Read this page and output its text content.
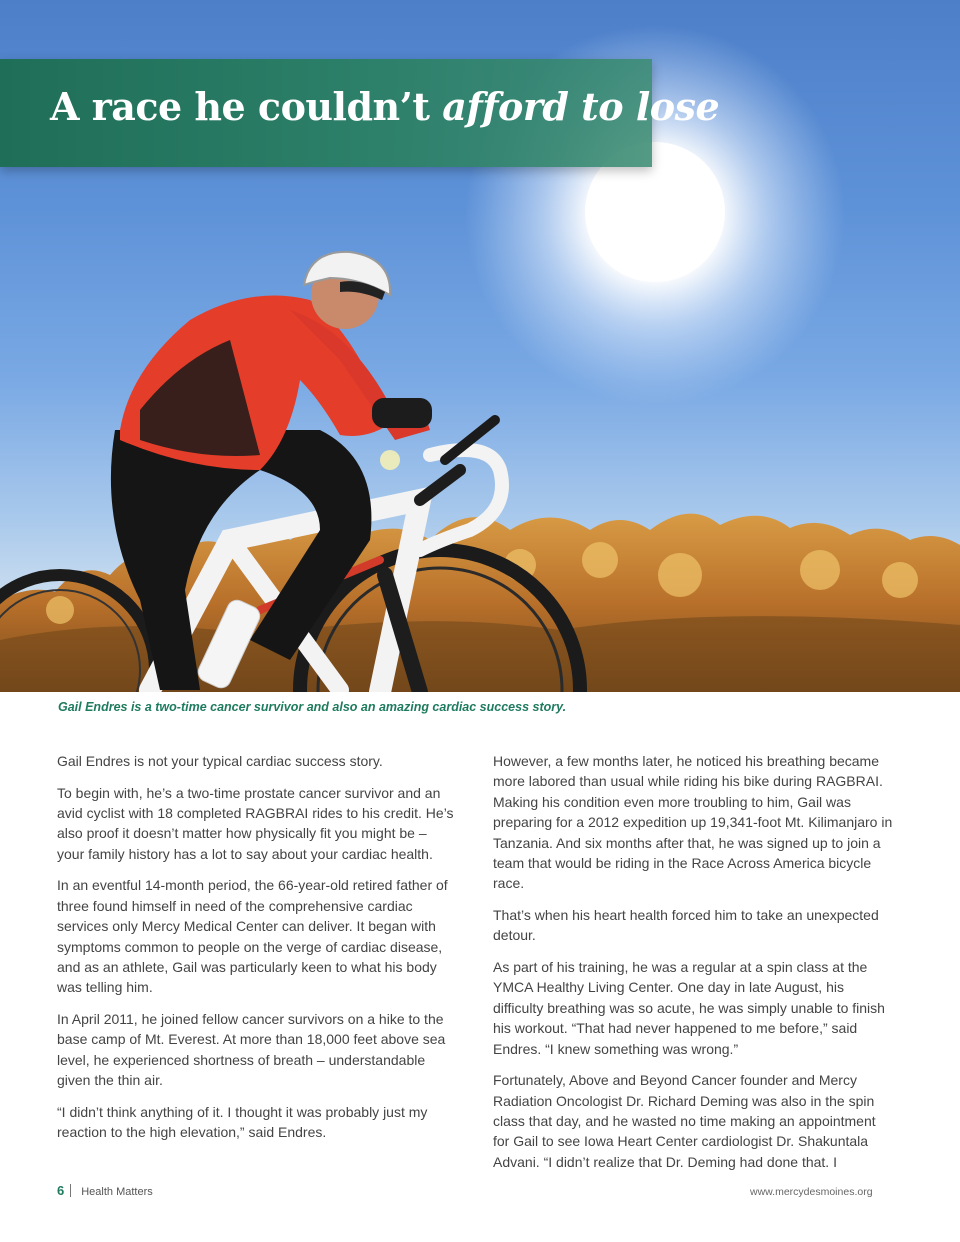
A race he couldn’t afford to lose

Gail Endres is a two-time cancer survivor and also an amazing cardiac success story.

Gail Endres is not your typical cardiac success story.

To begin with, he’s a two-time prostate cancer survivor and an avid cyclist with 18 completed RAGBRAI rides to his credit. He’s also proof it doesn’t matter how physically fit you might be – your family history has a lot to say about your cardiac health.

In an eventful 14-month period, the 66-year-old retired father of three found himself in need of the comprehensive cardiac services only Mercy Medical Center can deliver. It began with symptoms common to people on the verge of cardiac disease, and as an athlete, Gail was particularly keen to what his body was telling him.

In April 2011, he joined fellow cancer survivors on a hike to the base camp of Mt. Everest. At more than 18,000 feet above sea level, he experienced shortness of breath – understandable given the thin air.

“I didn’t think anything of it. I thought it was probably just my reaction to the high elevation,” said Endres.

However, a few months later, he noticed his breathing became more labored than usual while riding his bike during RAGBRAI. Making his condition even more troubling to him, Gail was preparing for a 2012 expedition up 19,341-foot Mt. Kilimanjaro in Tanzania. And six months after that, he was signed up to join a team that would be riding in the Race Across America bicycle race.

That’s when his heart health forced him to take an unexpected detour.

As part of his training, he was a regular at a spin class at the YMCA Healthy Living Center. One day in late August, his difficulty breathing was so acute, he was simply unable to finish his workout. “That had never happened to me before,” said Endres. “I knew something was wrong.”

Fortunately, Above and Beyond Cancer founder and Mercy Radiation Oncologist Dr. Richard Deming was also in the spin class that day, and he wasted no time making an appointment for Gail to see Iowa Heart Center cardiologist Dr. Shakuntala Advani. “I didn’t realize that Dr. Deming had done that. I

6 Health Matters	www.mercydesmoines.org
